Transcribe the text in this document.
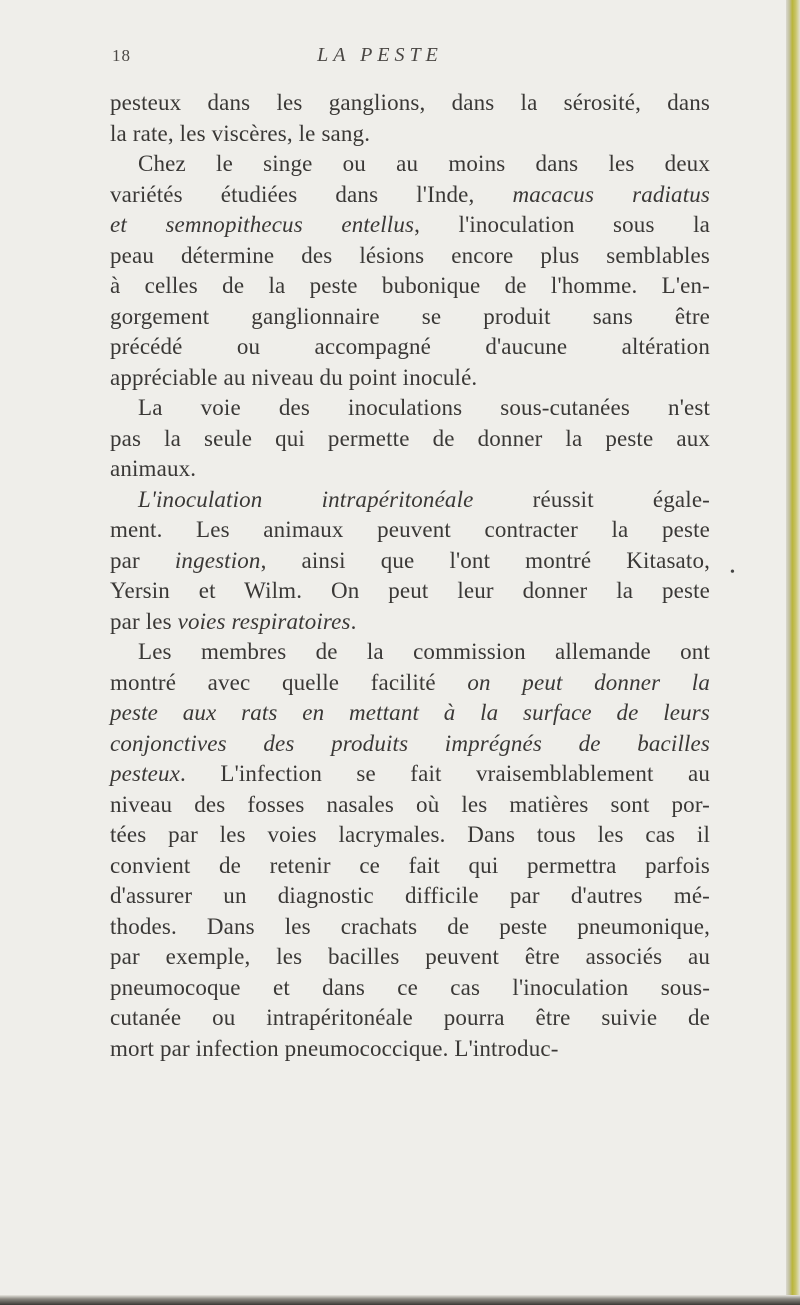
18	LA PESTE
pesteux dans les ganglions, dans la sérosité, dans
la rate, les viscères, le sang.
Chez le singe ou au moins dans les deux
variétés étudiées dans l'Inde, macacus radiatus
et semnopithecus entellus, l'inoculation sous la
peau détermine des lésions encore plus semblables
à celles de la peste bubonique de l'homme. L'en-
gorgement ganglionnaire se produit sans être
précédé ou accompagné d'aucune altération
appréciable au niveau du point inoculé.
La voie des inoculations sous-cutanées n'est
pas la seule qui permette de donner la peste aux
animaux.
L'inoculation intrapéritonéale réussit égale-
ment. Les animaux peuvent contracter la peste
par ingestion, ainsi que l'ont montré Kitasato,
Yersin et Wilm. On peut leur donner la peste
par les voies respiratoires.
Les membres de la commission allemande ont
montré avec quelle facilité on peut donner la
peste aux rats en mettant à la surface de leurs
conjonctives des produits imprégnés de bacilles
pesteux. L'infection se fait vraisemblablement au
niveau des fosses nasales où les matières sont por-
tées par les voies lacrymales. Dans tous les cas il
convient de retenir ce fait qui permettra parfois
d'assurer un diagnostic difficile par d'autres mé-
thodes. Dans les crachats de peste pneumonique,
par exemple, les bacilles peuvent être associés au
pneumocoque et dans ce cas l'inoculation sous-
cutanée ou intrapéritonéale pourra être suivie de
mort par infection pneumococcique. L'introduc-
•
